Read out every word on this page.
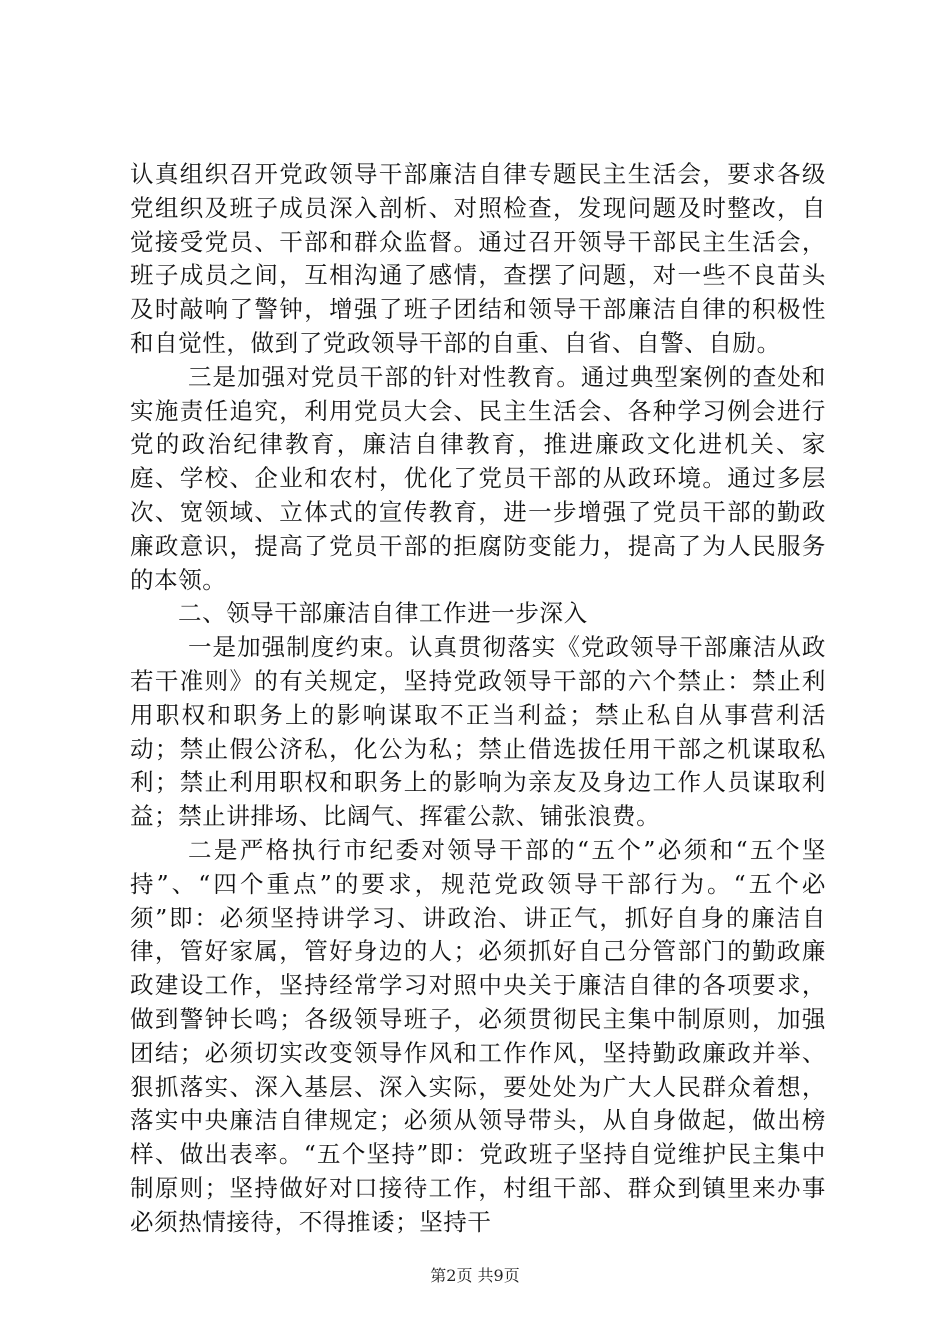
认真组织召开党政领导干部廉洁自律专题民主生活会，要求各级党组织及班子成员深入剖析、对照检查，发现问题及时整改，自觉接受党员、干部和群众监督。通过召开领导干部民主生活会，班子成员之间，互相沟通了感情，查摆了问题，对一些不良苗头及时敲响了警钟，增强了班子团结和领导干部廉洁自律的积极性和自觉性，做到了党政领导干部的自重、自省、自警、自励。

三是加强对党员干部的针对性教育。通过典型案例的查处和实施责任追究，利用党员大会、民主生活会、各种学习例会进行党的政治纪律教育，廉洁自律教育，推进廉政文化进机关、家庭、学校、企业和农村，优化了党员干部的从政环境。通过多层次、宽领域、立体式的宣传教育，进一步增强了党员干部的勤政廉政意识，提高了党员干部的拒腐防变能力，提高了为人民服务的本领。

二、领导干部廉洁自律工作进一步深入

一是加强制度约束。认真贯彻落实《党政领导干部廉洁从政若干准则》的有关规定，坚持党政领导干部的六个禁止：禁止利用职权和职务上的影响谋取不正当利益；禁止私自从事营利活动；禁止假公济私，化公为私；禁止借选拔任用干部之机谋取私利；禁止利用职权和职务上的影响为亲友及身边工作人员谋取利益；禁止讲排场、比阔气、挥霍公款、铺张浪费。

二是严格执行市纪委对领导干部的“五个”必须和“五个坚持”、“四个重点”的要求，规范党政领导干部行为。“五个必须”即：必须坚持讲学习、讲政治、讲正气，抓好自身的廉洁自律，管好家属，管好身边的人；必须抓好自己分管部门的勤政廉政建设工作，坚持经常学习对照中央关于廉洁自律的各项要求，做到警钟长鸣；各级领导班子，必须贯彻民主集中制原则，加强团结；必须切实改变领导作风和工作作风，坚持勤政廉政并举、狠抓落实、深入基层、深入实际，要处处为广大人民群众着想，落实中央廉洁自律规定；必须从领导带头，从自身做起，做出榜样、做出表率。“五个坚持”即：党政班子坚持自觉维护民主集中制原则；坚持做好对口接待工作，村组干部、群众到镇里来办事必须热情接待，不得推诿；坚持干

第2页 共9页
